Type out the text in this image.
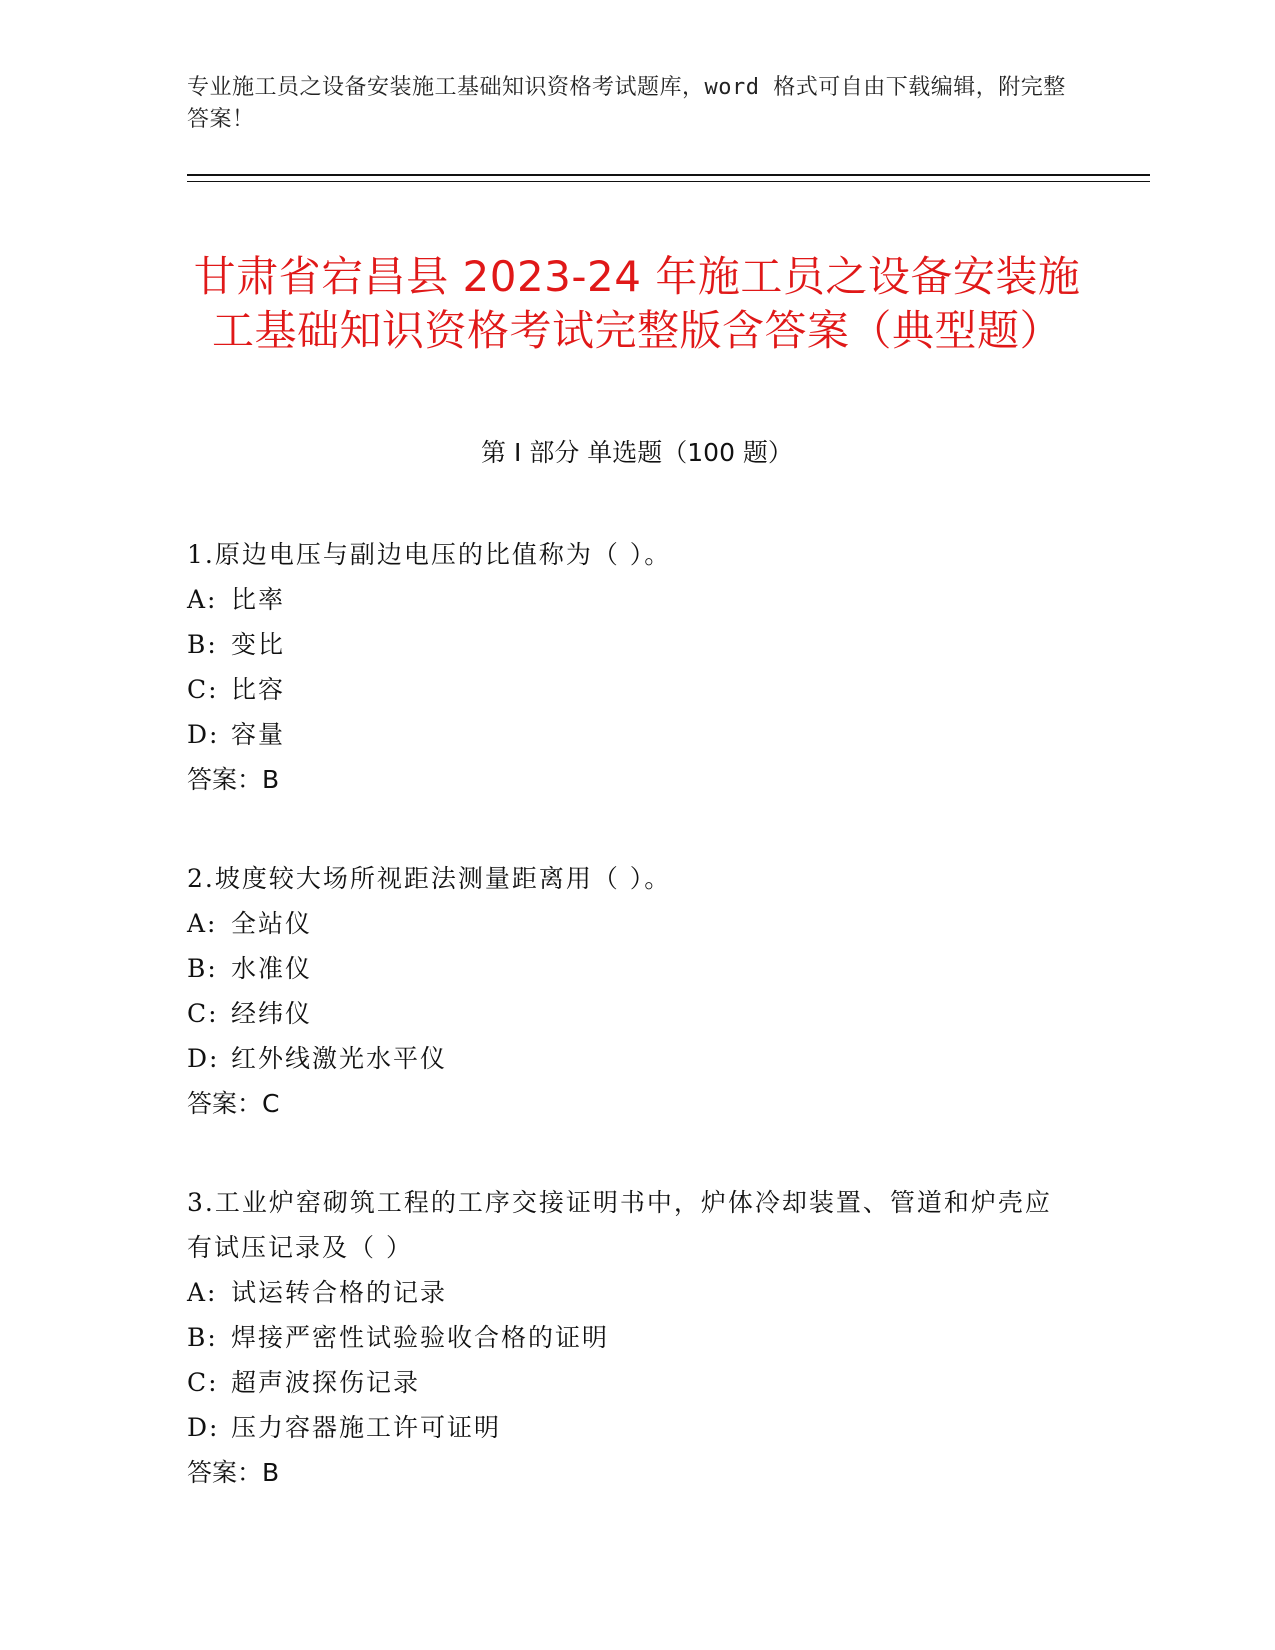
专业施工员之设备安装施工基础知识资格考试题库，word 格式可自由下载编辑，附完整答案！
甘肃省宕昌县 2023-24 年施工员之设备安装施工基础知识资格考试完整版含答案（典型题）
第 I 部分 单选题（100 题）
1.原边电压与副边电压的比值称为（ ）。
A: 比率
B: 变比
C: 比容
D: 容量
答案：B
2.坡度较大场所视距法测量距离用（ ）。
A: 全站仪
B: 水准仪
C: 经纬仪
D: 红外线激光水平仪
答案：C
3.工业炉窑砌筑工程的工序交接证明书中，炉体冷却装置、管道和炉壳应有试压记录及（ ）
A: 试运转合格的记录
B: 焊接严密性试验验收合格的证明
C: 超声波探伤记录
D: 压力容器施工许可证明
答案：B
